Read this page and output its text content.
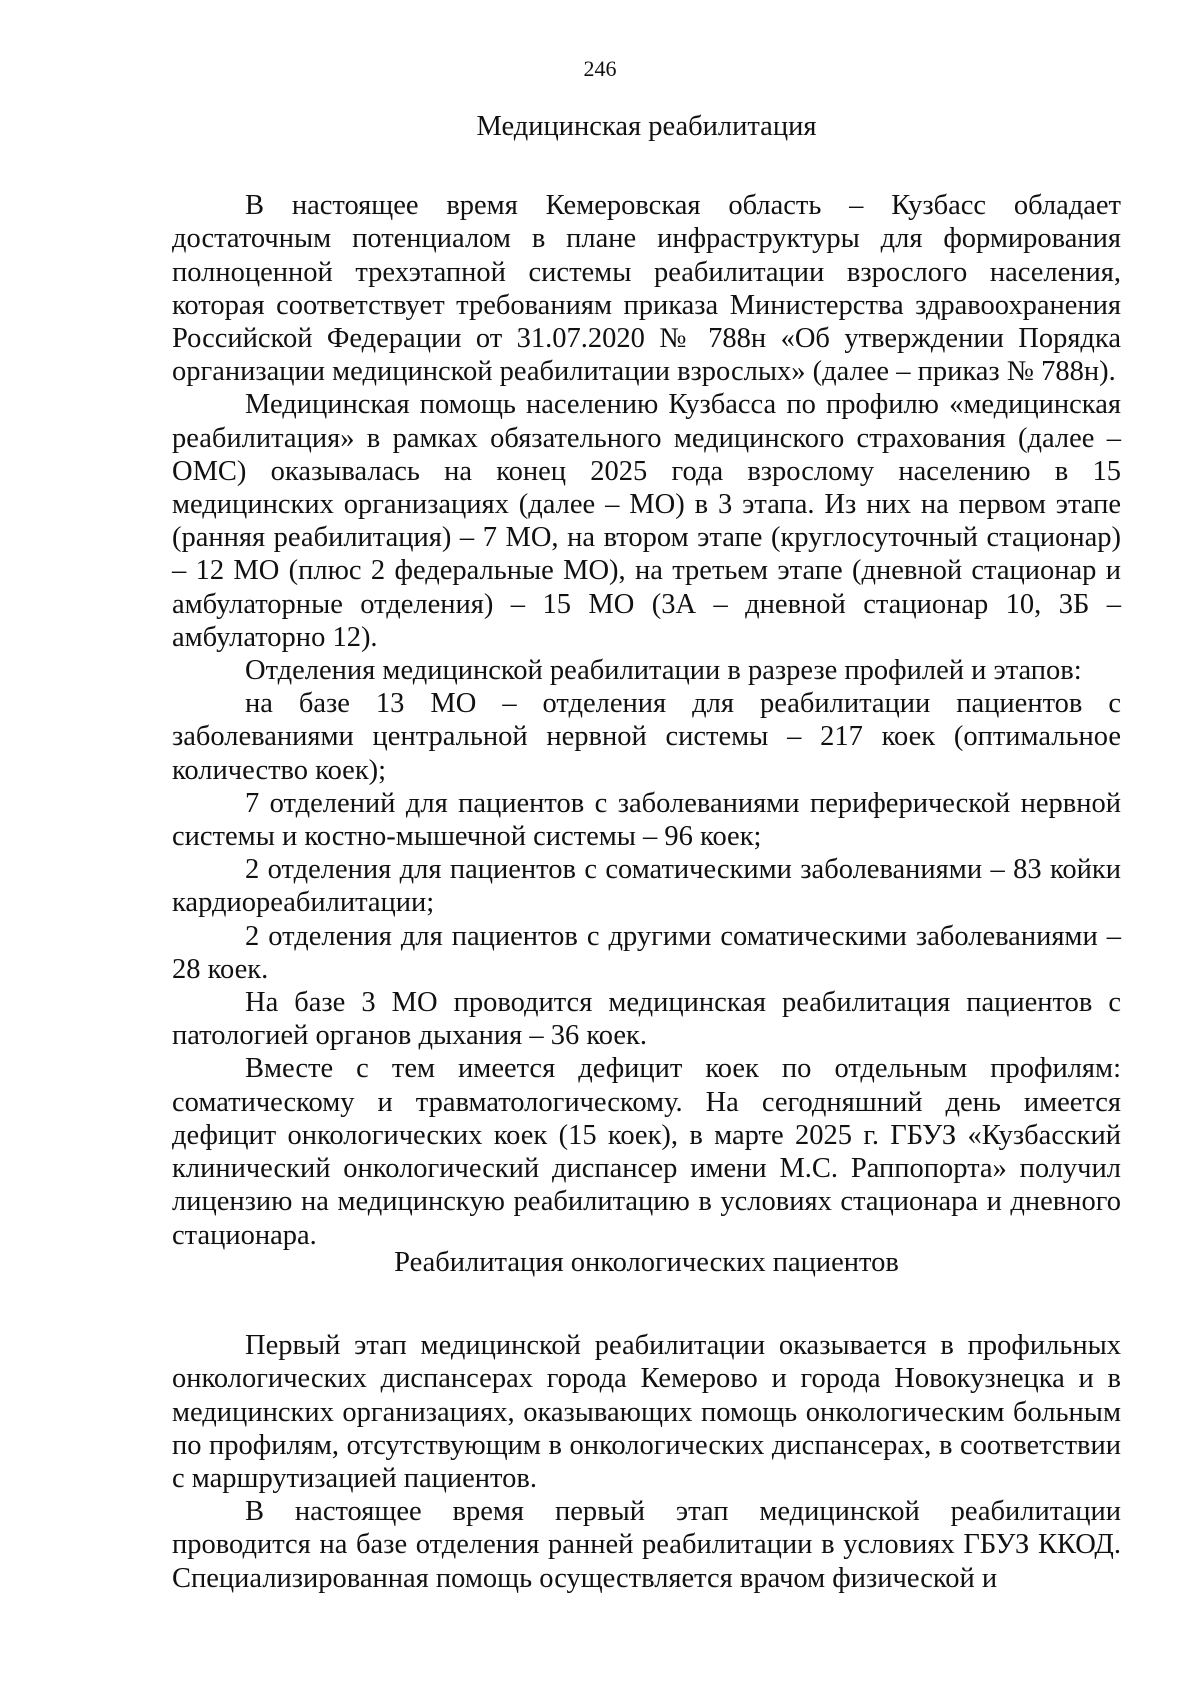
246
Медицинская реабилитация

В настоящее время Кемеровская область – Кузбасс обладает достаточным потенциалом в плане инфраструктуры для формирования полноценной трехэтапной системы реабилитации взрослого населения, которая соответствует требованиям приказа Министерства здравоохранения Российской Федерации от 31.07.2020 № 788н «Об утверждении Порядка организации медицинской реабилитации взрослых» (далее – приказ № 788н).

Медицинская помощь населению Кузбасса по профилю «медицинская реабилитация» в рамках обязательного медицинского страхования (далее – ОМС) оказывалась на конец 2025 года взрослому населению в 15 медицинских организациях (далее – МО) в 3 этапа. Из них на первом этапе (ранняя реабилитация) – 7 МО, на втором этапе (круглосуточный стационар) – 12 МО (плюс 2 федеральные МО), на третьем этапе (дневной стационар и амбулаторные отделения) – 15 МО (3А – дневной стационар 10, 3Б – амбулаторно 12).

Отделения медицинской реабилитации в разрезе профилей и этапов:

на базе 13 МО – отделения для реабилитации пациентов с заболеваниями центральной нервной системы – 217 коек (оптимальное количество коек);

7 отделений для пациентов с заболеваниями периферической нервной системы и костно-мышечной системы – 96 коек;

2 отделения для пациентов с соматическими заболеваниями – 83 койки кардиореабилитации;

2 отделения для пациентов с другими соматическими заболеваниями – 28 коек.

На базе 3 МО проводится медицинская реабилитация пациентов с патологией органов дыхания – 36 коек.

Вместе с тем имеется дефицит коек по отдельным профилям: соматическому и травматологическому. На сегодняшний день имеется дефицит онкологических коек (15 коек), в марте 2025 г. ГБУЗ «Кузбасский клинический онкологический диспансер имени М.С. Раппопорта» получил лицензию на медицинскую реабилитацию в условиях стационара и дневного стационара.

Реабилитация онкологических пациентов

Первый этап медицинской реабилитации оказывается в профильных онкологических диспансерах города Кемерово и города Новокузнецка и в медицинских организациях, оказывающих помощь онкологическим больным по профилям, отсутствующим в онкологических диспансерах, в соответствии с маршрутизацией пациентов.

В настоящее время первый этап медицинской реабилитации проводится на базе отделения ранней реабилитации в условиях ГБУЗ ККОД. Специализированная помощь осуществляется врачом физической и
